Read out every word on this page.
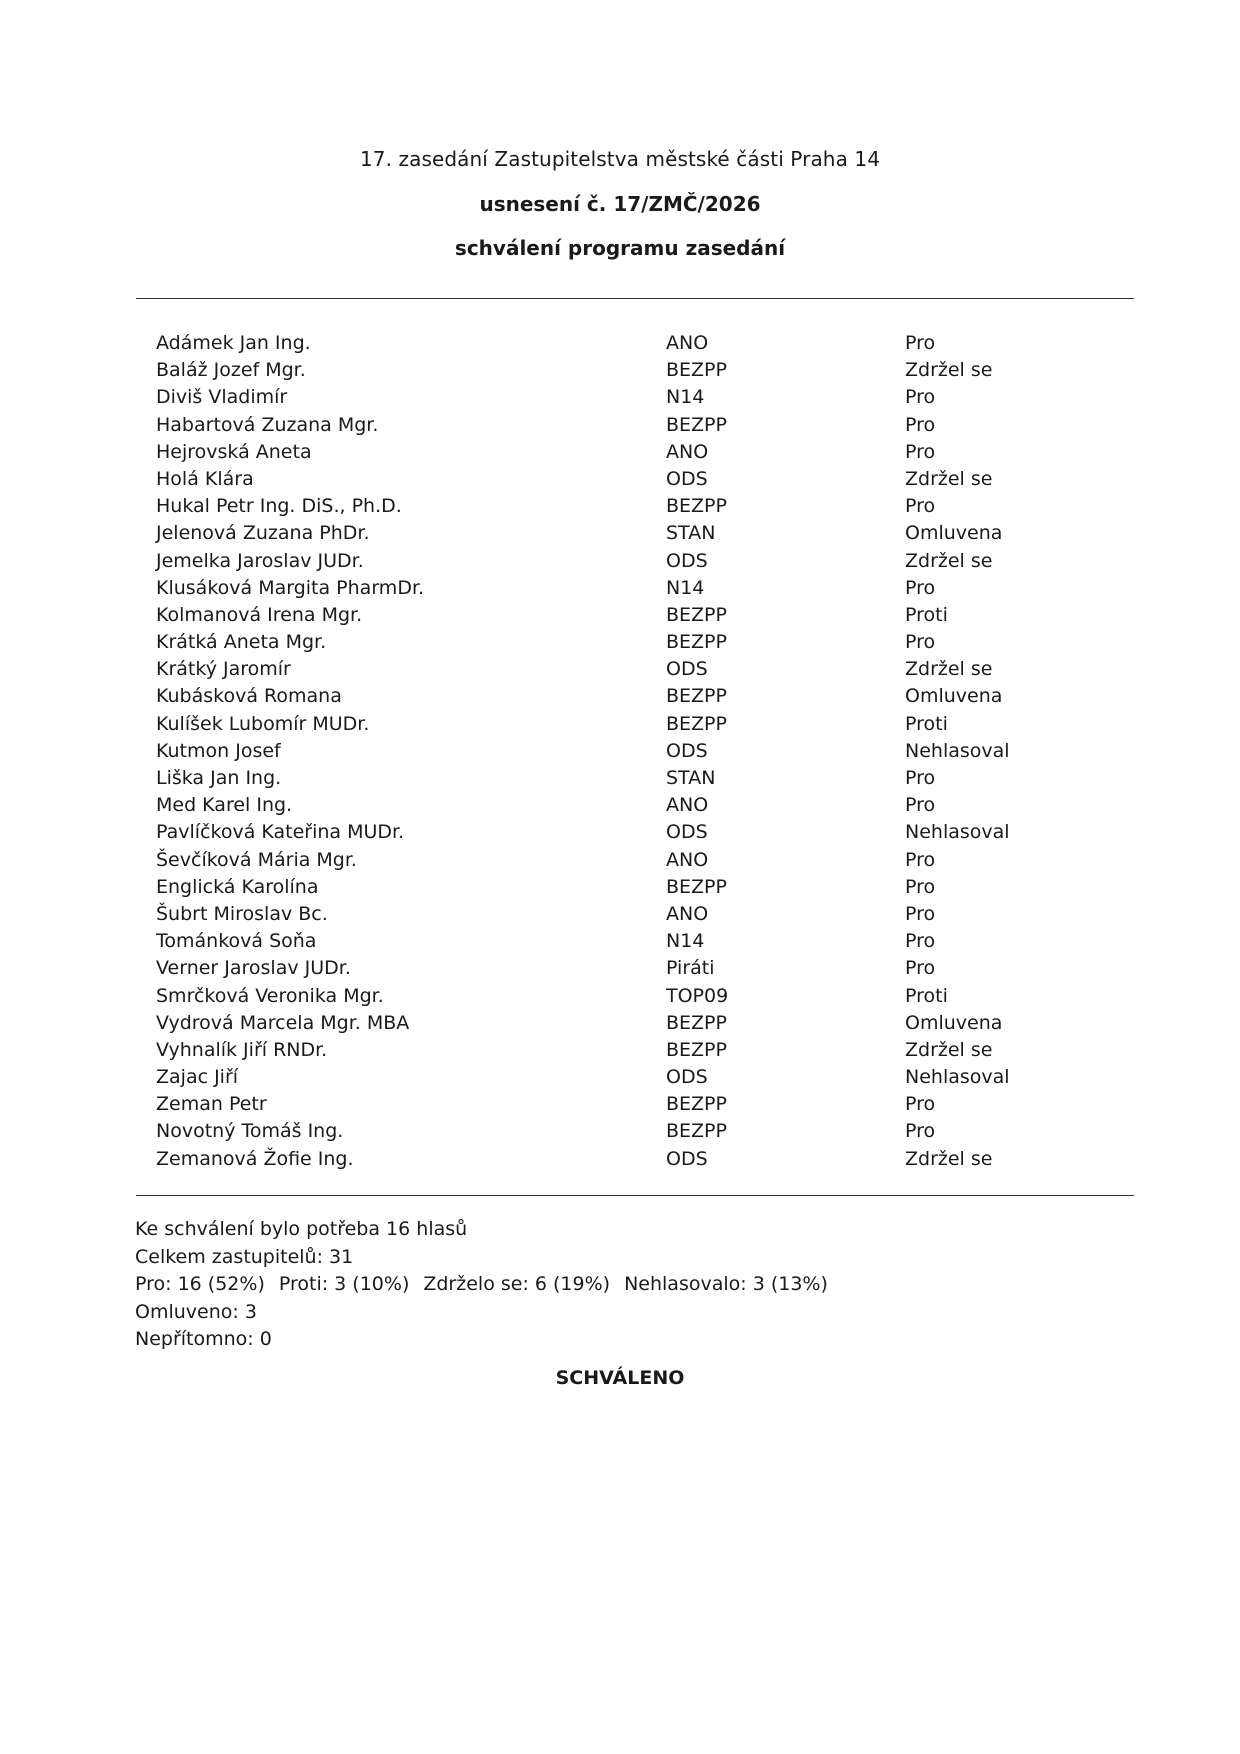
17. zasedání Zastupitelstva městské části Praha 14
usnesení č. 17/ZMČ/2026
schválení programu zasedání
Adámek Jan Ing.	ANO	Pro
Baláž Jozef Mgr.	BEZPP	Zdržel se
Diviš Vladimír	N14	Pro
Habartová Zuzana Mgr.	BEZPP	Pro
Hejrovská Aneta	ANO	Pro
Holá Klára	ODS	Zdržel se
Hukal Petr Ing. DiS., Ph.D.	BEZPP	Pro
Jelenová Zuzana PhDr.	STAN	Omluvena
Jemelka Jaroslav JUDr.	ODS	Zdržel se
Klusáková Margita PharmDr.	N14	Pro
Kolmanová Irena Mgr.	BEZPP	Proti
Krátká Aneta Mgr.	BEZPP	Pro
Krátký Jaromír	ODS	Zdržel se
Kubásková Romana	BEZPP	Omluvena
Kulíšek Lubomír MUDr.	BEZPP	Proti
Kutmon Josef	ODS	Nehlasoval
Liška Jan Ing.	STAN	Pro
Med Karel Ing.	ANO	Pro
Pavlíčková Kateřina MUDr.	ODS	Nehlasoval
Ševčíková Mária Mgr.	ANO	Pro
Englická Karolína	BEZPP	Pro
Šubrt Miroslav Bc.	ANO	Pro
Tománková Soňa	N14	Pro
Verner Jaroslav JUDr.	Piráti	Pro
Smrčková Veronika Mgr.	TOP09	Proti
Vydrová Marcela Mgr. MBA	BEZPP	Omluvena
Vyhnalík Jiří RNDr.	BEZPP	Zdržel se
Zajac Jiří	ODS	Nehlasoval
Zeman Petr	BEZPP	Pro
Novotný Tomáš Ing.	BEZPP	Pro
Zemanová Žofie Ing.	ODS	Zdržel se
Ke schválení bylo potřeba 16 hlasů
Celkem zastupitelů: 31
Pro: 16 (52%) Proti: 3 (10%) Zdrželo se: 6 (19%) Nehlasovalo: 3 (13%)
Omluveno: 3
Nepřítomno: 0
SCHVÁLENO
